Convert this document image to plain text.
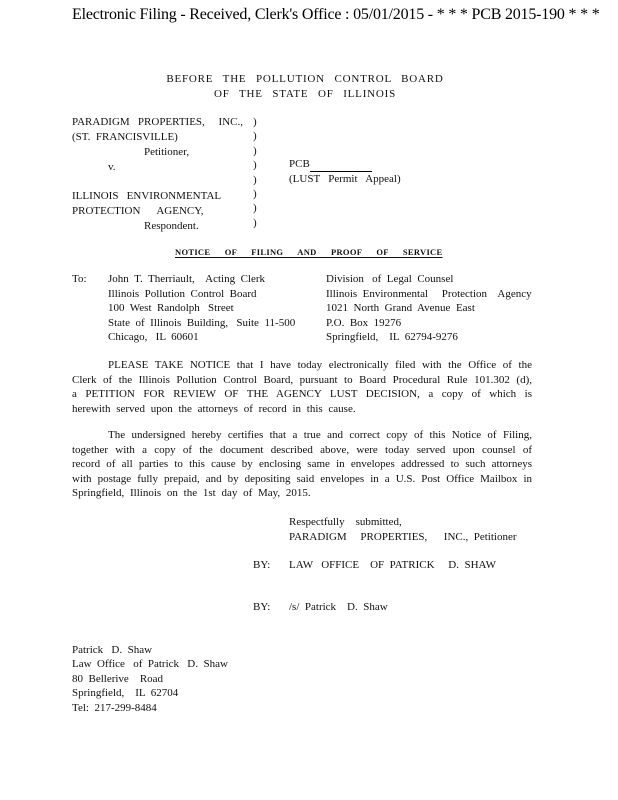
Electronic Filing - Received, Clerk's Office : 05/01/2015 - * * * PCB 2015-190 * * *
BEFORE THE POLLUTION CONTROL BOARD
OF THE STATE OF ILLINOIS
PARADIGM   PROPERTIES,     INC.,
(ST.  FRANCISVILLE)
Petitioner,
v.
ILLINOIS   ENVIRONMENTAL
PROTECTION      AGENCY,
Respondent.
)
)
)
)
)
)
)
)
PCB
(LUST   Permit   Appeal)
NOTICE OF FILING AND PROOF OF SERVICE
To: John  T.  Therriault,    Acting  Clerk
Illinois  Pollution  Control  Board
100  West  Randolph   Street
State  of  Illinois  Building,   Suite  11-500
Chicago,   IL  60601
Division   of  Legal  Counsel
Illinois  Environmental     Protection    Agency
1021  North  Grand  Avenue  East
P.O.  Box  19276
Springfield,    IL  62794-9276

PLEASE TAKE NOTICE that I have today electronically filed with the Office of the Clerk of the Illinois Pollution Control Board, pursuant to Board Procedural Rule 101.302 (d), a PETITION FOR REVIEW OF THE AGENCY LUST DECISION, a copy of which is herewith served upon the attorneys of record in this cause.

The undersigned hereby certifies that a true and correct copy of this Notice of Filing, together with a copy of the document described above, were today served upon counsel of record of all parties to this cause by enclosing same in envelopes addressed to such attorneys with postage fully prepaid, and by depositing said envelopes in a U.S. Post Office Mailbox in Springfield, Illinois on the 1st day of May, 2015.

Respectfully    submitted,
PARADIGM     PROPERTIES,      INC.,  Petitioner
BY: LAW   OFFICE    OF  PATRICK     D.  SHAW
BY: /s/  Patrick    D.  Shaw
Patrick   D.  Shaw
Law  Office   of  Patrick   D.  Shaw
80  Bellerive    Road
Springfield,    IL  62704
Tel:  217-299-8484
